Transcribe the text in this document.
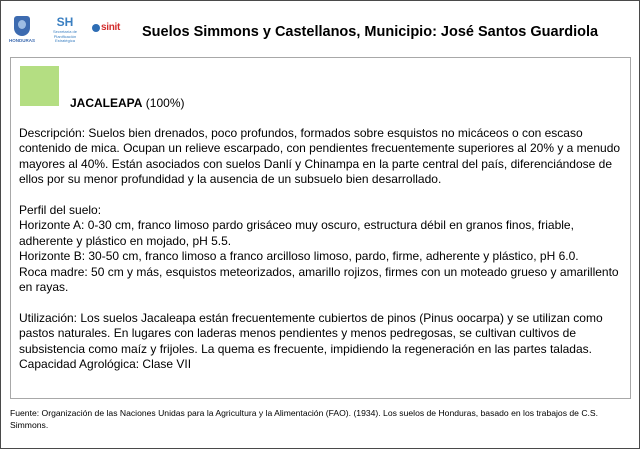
HONDURAS
SH
Secretaría de Planificación Estratégica
sinit Suelos Simmons y Castellanos, Municipio: José Santos Guardiola
JACALEAPA (100%)

Descripción: Suelos bien drenados, poco profundos, formados sobre esquistos no micáceos o con escaso contenido de mica. Ocupan un relieve escarpado, con pendientes frecuentemente superiores al 20% y a menudo mayores al 40%. Están asociados con suelos Danlí y Chinampa en la parte central del país, diferenciándose de ellos por su menor profundidad y la ausencia de un subsuelo bien desarrollado.

Perfil del suelo:

Horizonte A: 0-30 cm, franco limoso pardo grisáceo muy oscuro, estructura débil en granos finos, friable, adherente y plástico en mojado, pH 5.5.

Horizonte B: 30-50 cm, franco limoso a franco arcilloso limoso, pardo, firme, adherente y plástico, pH 6.0.

Roca madre: 50 cm y más, esquistos meteorizados, amarillo rojizos, firmes con un moteado grueso y amarillento en rayas.

Utilización: Los suelos Jacaleapa están frecuentemente cubiertos de pinos (Pinus oocarpa) y se utilizan como pastos naturales. En lugares con laderas menos pendientes y menos pedregosas, se cultivan cultivos de subsistencia como maíz y frijoles. La quema es frecuente, impidiendo la regeneración en las partes taladas.

Capacidad Agrológica: Clase VII

Fuente: Organización de las Naciones Unidas para la Agricultura y la Alimentación (FAO). (1934). Los suelos de Honduras, basado en los trabajos de C.S. Simmons.
